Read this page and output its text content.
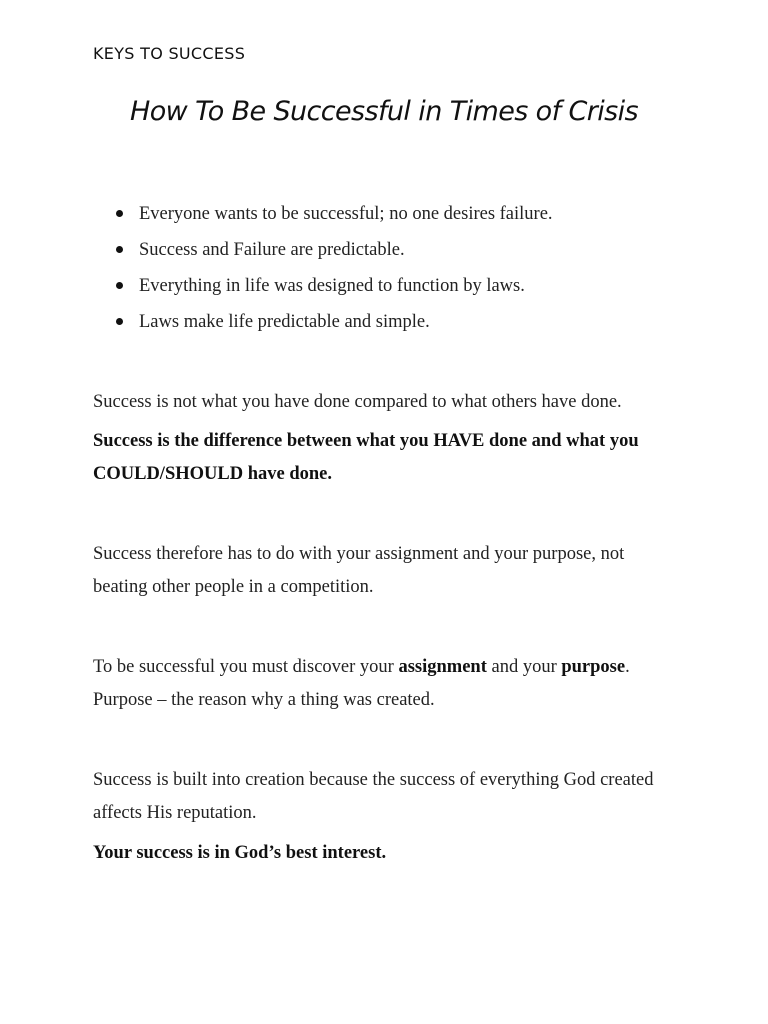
KEYS TO SUCCESS
How To Be Successful in Times of Crisis
Everyone wants to be successful; no one desires failure.
Success and Failure are predictable.
Everything in life was designed to function by laws.
Laws make life predictable and simple.

Success is not what you have done compared to what others have done.

Success is the difference between what you HAVE done and what you COULD/SHOULD have done.

Success therefore has to do with your assignment and your purpose, not beating other people in a competition.

To be successful you must discover your assignment and your purpose. Purpose – the reason why a thing was created.

Success is built into creation because the success of everything God created affects His reputation.

Your success is in God’s best interest.
